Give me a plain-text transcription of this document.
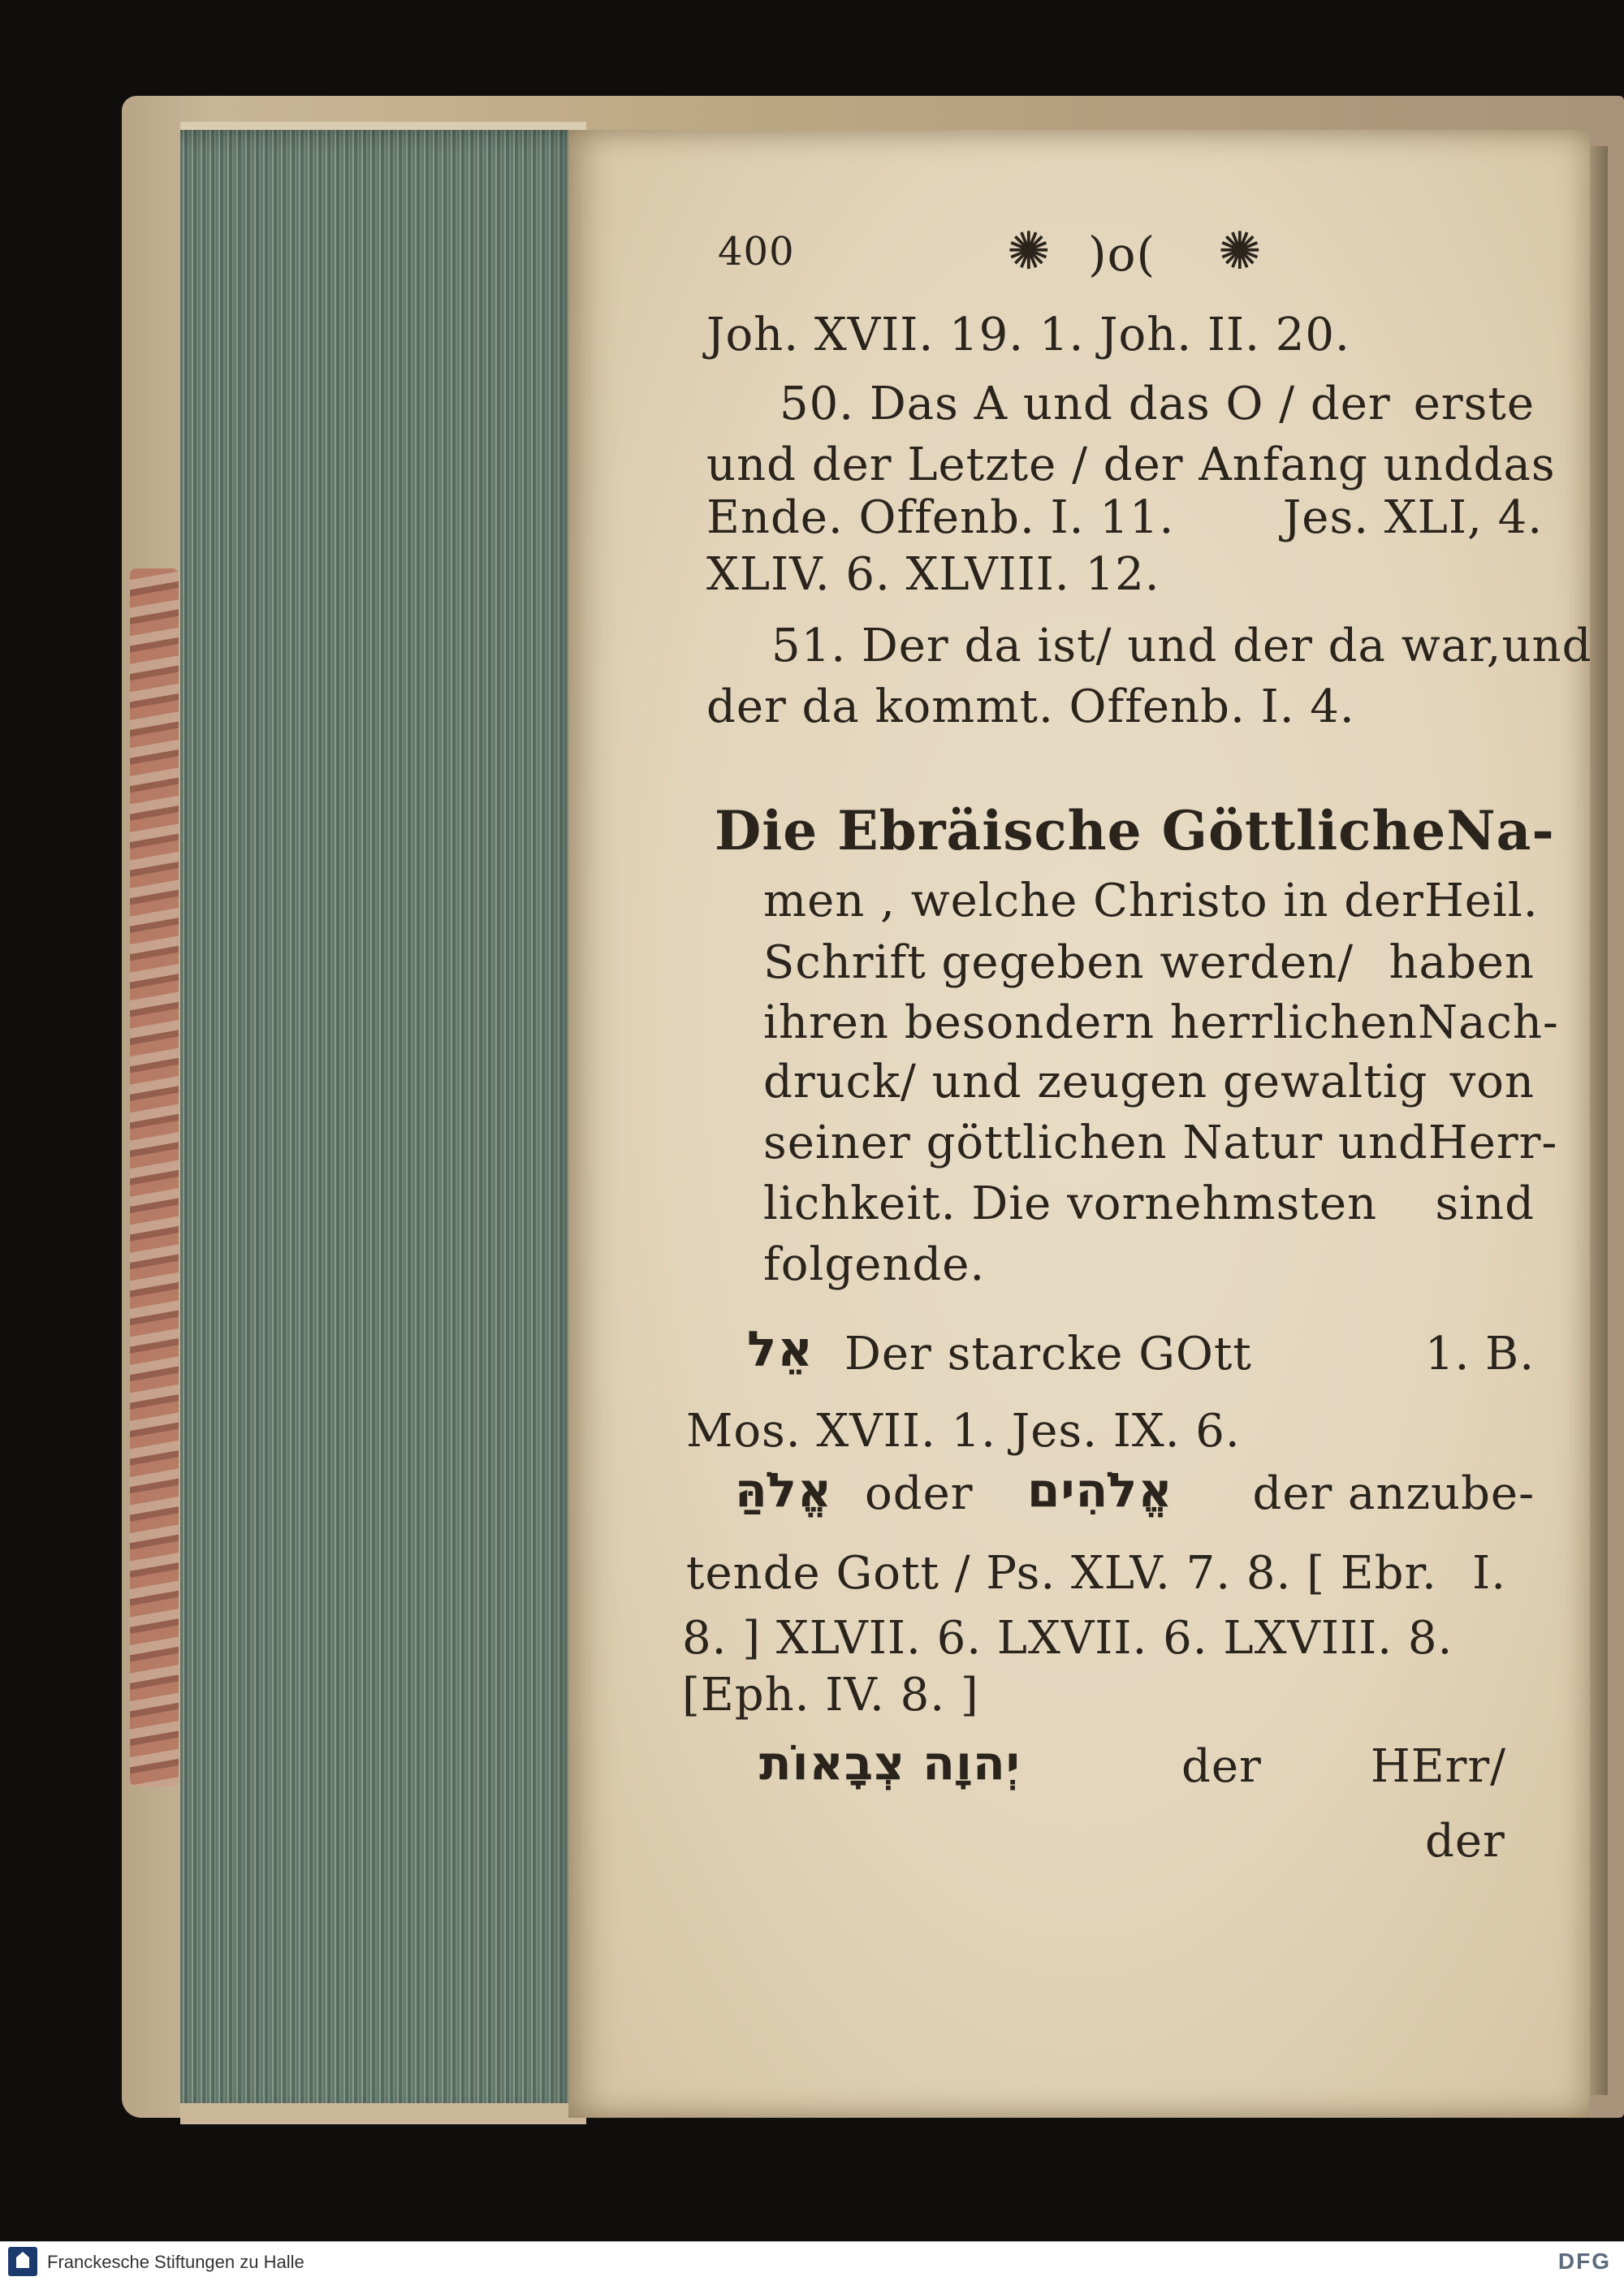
400	✺ )o( ✺
Joh. XVII. 19. 1. Joh. II. 20.
50. Das A und das O / der erste
und der Letzte / der Anfang und das
Ende. Offenb. I. 11. Jes. XLI, 4.
XLIV. 6. XLVIII. 12.
51. Der da ist/ und der da war, und
der da kommt. Offenb. I. 4.
Die Ebräische Göttliche Na-
men , welche Christo in der Heil.
Schrift gegeben werden/ haben
ihren besondern herrlichen Nach-
druck/ und zeugen gewaltig von
seiner göttlichen Natur und Herr-
lichkeit. Die vornehmsten sind
folgende.
אֵל Der starcke GOtt	1. B.
Mos. XVII. 1. Jes. IX. 6.
אֱלֹהַּ oder אֱלֹהִים der anzube-
tende Gott / Ps. XLV. 7. 8. [ Ebr. I.
8. ] XLVII. 6. LXVII. 6. LXVIII. 8.
[Eph. IV. 8. ]
יְהוָה צְבָאוֹת	der HErr/
der
Franckesche Stiftungen zu Halle	DFG
